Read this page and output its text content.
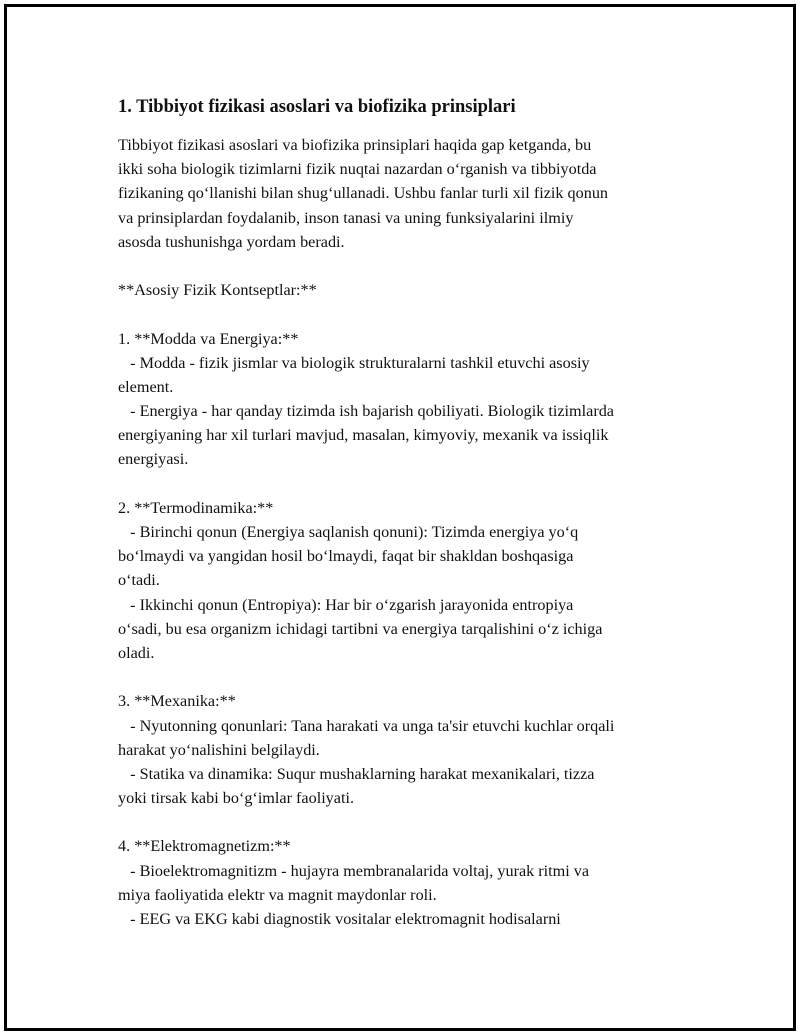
1. Tibbiyot fizikasi asoslari va biofizika prinsiplari
Tibbiyot fizikasi asoslari va biofizika prinsiplari haqida gap ketganda, bu
ikki soha biologik tizimlarni fizik nuqtai nazardan o‘rganish va tibbiyotda
fizikaning qo‘llanishi bilan shug‘ullanadi. Ushbu fanlar turli xil fizik qonun
va prinsiplardan foydalanib, inson tanasi va uning funksiyalarini ilmiy
asosda tushunishga yordam beradi.
**Asosiy Fizik Kontseptlar:**
1. **Modda va Energiya:**
- Modda - fizik jismlar va biologik strukturalarni tashkil etuvchi asosiy
element.
- Energiya - har qanday tizimda ish bajarish qobiliyati. Biologik tizimlarda
energiyaning har xil turlari mavjud, masalan, kimyoviy, mexanik va issiqlik
energiyasi.
2. **Termodinamika:**
- Birinchi qonun (Energiya saqlanish qonuni): Tizimda energiya yo‘q
bo‘lmaydi va yangidan hosil bo‘lmaydi, faqat bir shakldan boshqasiga
o‘tadi.
- Ikkinchi qonun (Entropiya): Har bir o‘zgarish jarayonida entropiya
o‘sadi, bu esa organizm ichidagi tartibni va energiya tarqalishini o‘z ichiga
oladi.
3. **Mexanika:**
- Nyutonning qonunlari: Tana harakati va unga ta'sir etuvchi kuchlar orqali
harakat yo‘nalishini belgilaydi.
- Statika va dinamika: Suqur mushaklarning harakat mexanikalari, tizza
yoki tirsak kabi bo‘g‘imlar faoliyati.
4. **Elektromagnetizm:**
- Bioelektromagnitizm - hujayra membranalarida voltaj, yurak ritmi va
miya faoliyatida elektr va magnit maydonlar roli.
- EEG va EKG kabi diagnostik vositalar elektromagnit hodisalarni
